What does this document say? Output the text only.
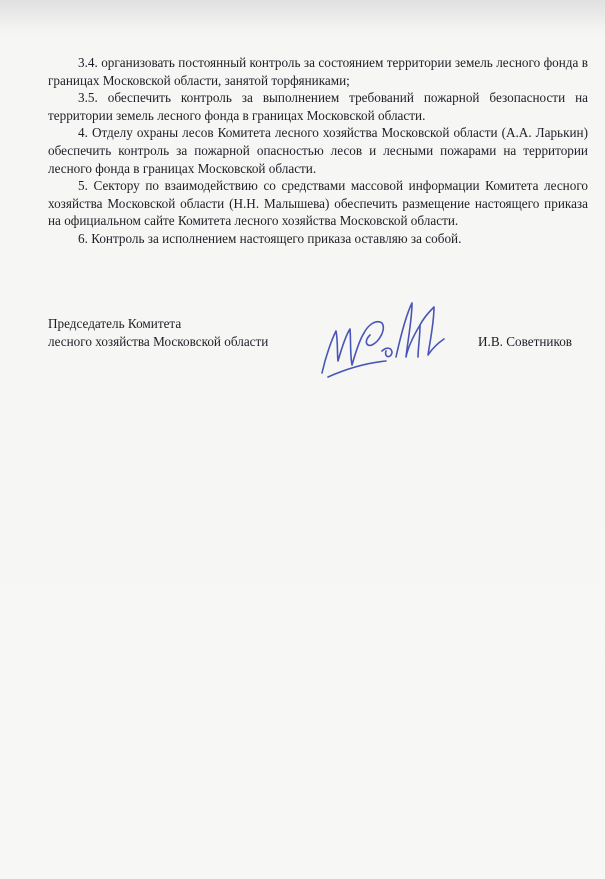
3.4. организовать постоянный контроль за состоянием территории земель лесного фонда в границах Московской области, занятой торфяниками;

3.5. обеспечить контроль за выполнением требований пожарной безопасности на территории земель лесного фонда в границах Московской области.

4. Отделу охраны лесов Комитета лесного хозяйства Московской области (А.А. Ларькин) обеспечить контроль за пожарной опасностью лесов и лесными пожарами на территории лесного фонда в границах Московской области.

5. Сектору по взаимодействию со средствами массовой информации Комитета лесного хозяйства Московской области (Н.Н. Малышева) обеспечить размещение настоящего приказа на официальном сайте Комитета лесного хозяйства Московской области.

6. Контроль за исполнением настоящего приказа оставляю за собой.

Председатель Комитета
лесного хозяйства Московской области	И.В. Советников
